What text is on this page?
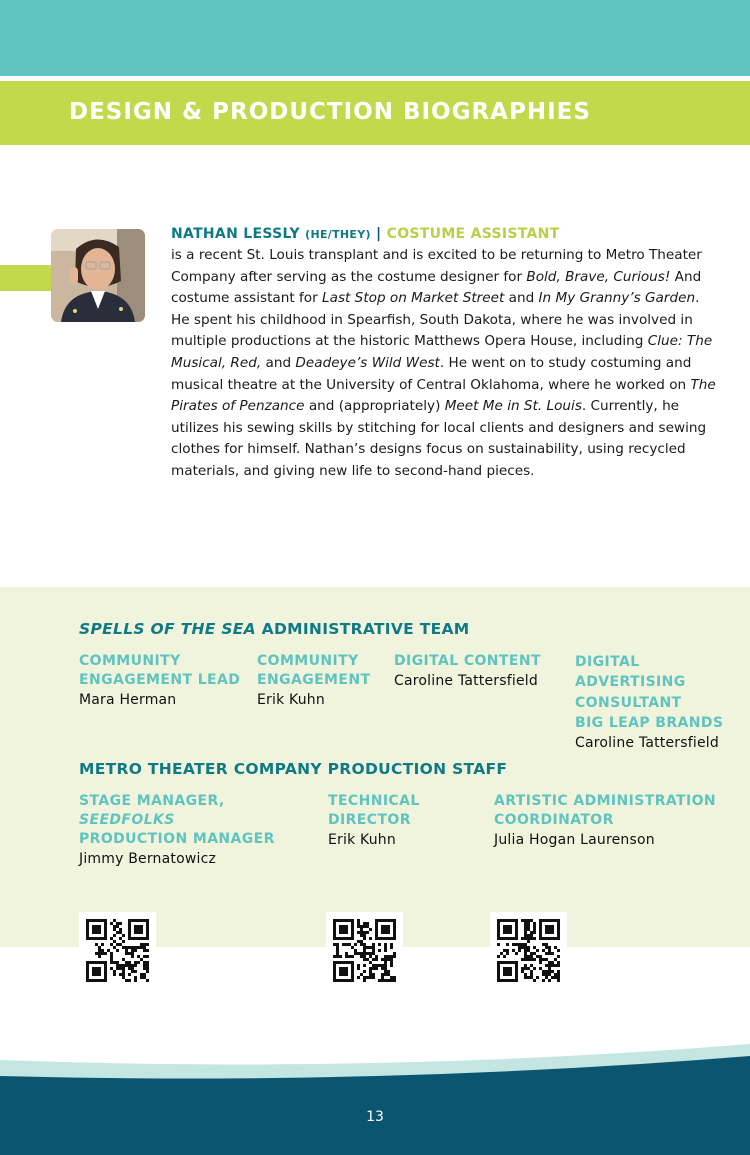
DESIGN & PRODUCTION BIOGRAPHIES
NATHAN LESSLY (HE/THEY) | COSTUME ASSISTANT

is a recent St. Louis transplant and is excited to be returning to Metro Theater Company after serving as the costume designer for Bold, Brave, Curious! And costume assistant for Last Stop on Market Street and In My Granny’s Garden. He spent his childhood in Spearfish, South Dakota, where he was involved in multiple productions at the historic Matthews Opera House, including Clue: The Musical, Red, and Deadeye’s Wild West. He went on to study costuming and musical theatre at the University of Central Oklahoma, where he worked on The Pirates of Penzance and (appropriately) Meet Me in St. Louis. Currently, he utilizes his sewing skills by stitching for local clients and designers and sewing clothes for himself. Nathan’s designs focus on sustainability, using recycled materials, and giving new life to second-hand pieces.

SPELLS OF THE SEA ADMINISTRATIVE TEAM
COMMUNITY
ENGAGEMENT LEAD
Mara Herman
COMMUNITY
ENGAGEMENT
Erik Kuhn
DIGITAL CONTENT
Caroline Tattersfield
DIGITAL
ADVERTISING
CONSULTANT
BIG LEAP BRANDS
Caroline Tattersfield
METRO THEATER COMPANY PRODUCTION STAFF
STAGE MANAGER,
SEEDFOLKS
PRODUCTION MANAGER
Jimmy Bernatowicz
TECHNICAL
DIRECTOR
Erik Kuhn
ARTISTIC ADMINISTRATION
COORDINATOR
Julia Hogan Laurenson
13
